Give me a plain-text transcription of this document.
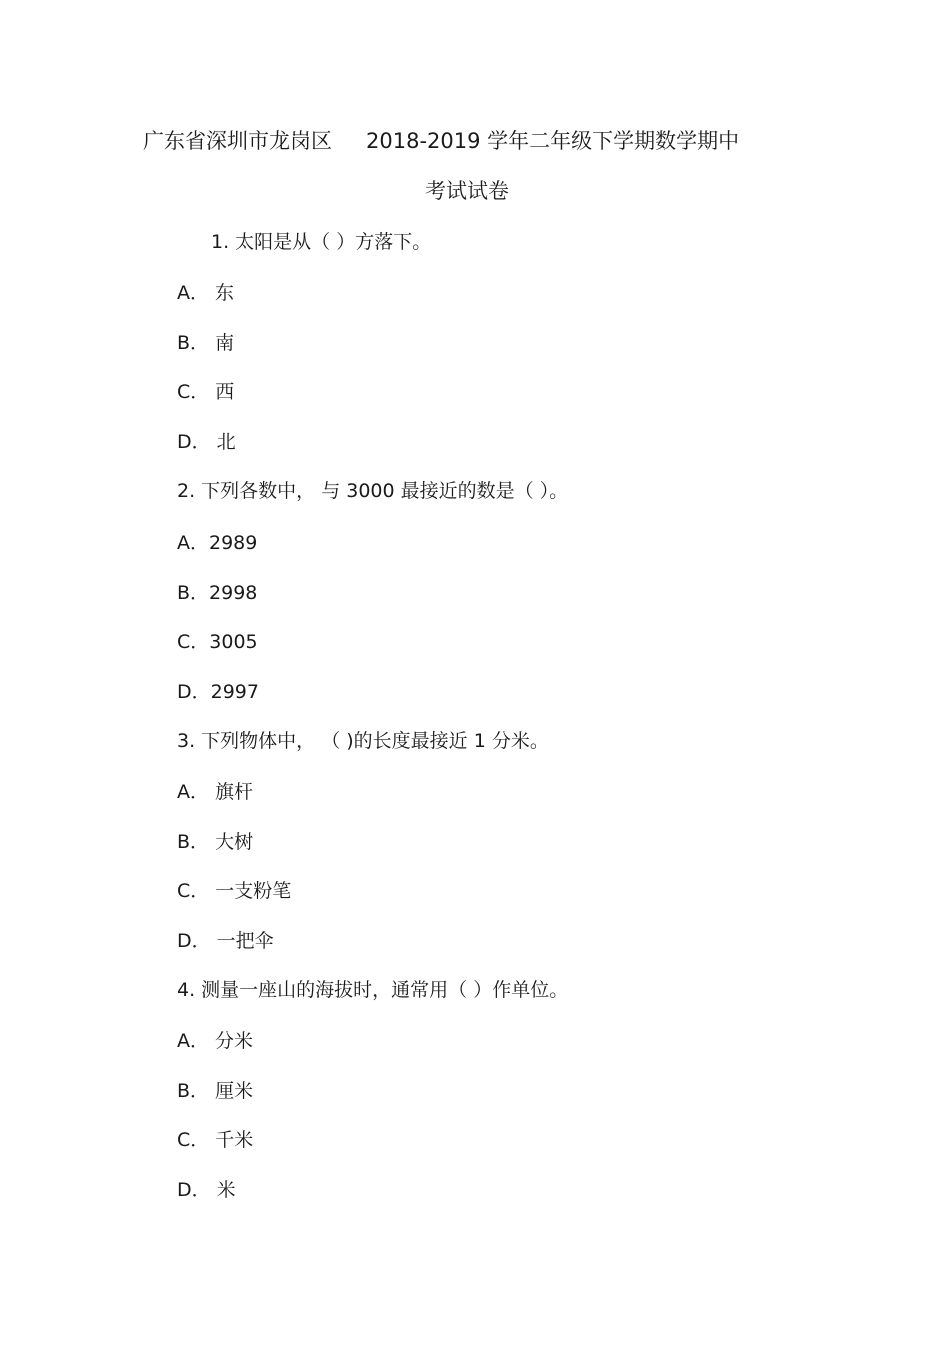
广东省深圳市龙岗区 2018-2019 学年二年级下学期数学期中
考试试卷
1. 太阳是从（ ）方落下。
A． 东
B． 南
C． 西
D． 北
2. 下列各数中， 与 3000 最接近的数是（ ）。
A．2989
B．2998
C．3005
D．2997
3. 下列物体中， （ )的长度最接近 1 分米。
A． 旗杆
B． 大树
C． 一支粉笔
D． 一把伞
4. 测量一座山的海拔时，通常用（ ）作单位。
A． 分米
B． 厘米
C． 千米
D． 米
